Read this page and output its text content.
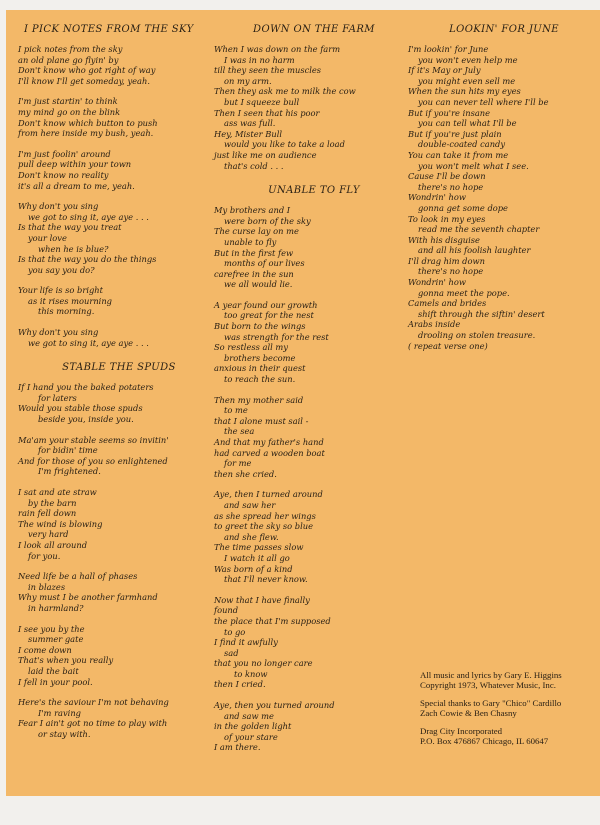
I PICK NOTES FROM THE SKY
I pick notes from the sky
an old plane go flyin' by
Don't know who got right of way
I'll know I'll get someday, yeah.
I'm just startin' to think
my mind go on the blink
Don't know which button to push
from here inside my bush, yeah.
I'm just foolin' around
pull deep within your town
Don't know no reality
it's all a dream to me, yeah.
Why don't you sing
we got to sing it, aye aye . . .
Is that the way you treat
your love
when he is blue?
Is that the way you do the things
you say you do?
Your life is so bright
as it rises mourning
this morning.
Why don't you sing
we got to sing it, aye aye . . .
STABLE THE SPUDS
If I hand you the baked potaters
for laters
Would you stable those spuds
beside you, inside you.
Ma'am your stable seems so invitin'
for bidin' time
And for those of you so enlightened
I'm frightened.
I sat and ate straw
by the barn
rain fell down
The wind is blowing
very hard
I look all around
for you.
Need life be a hall of phases
in blazes
Why must I be another farmhand
in harmland?
I see you by the
summer gate
I come down
That's when you really
laid the bait
I fell in your pool.
Here's the saviour I'm not behaving
I'm raving
Fear I ain't got no time to play with
or stay with.
DOWN ON THE FARM
When I was down on the farm
I was in no harm
till they seen the muscles
on my arm.
Then they ask me to milk the cow
but I squeeze bull
Then I seen that his poor
ass was full.
Hey, Mister Bull
would you like to take a load
just like me on audience
that's cold . . .
UNABLE TO FLY
My brothers and I
were born of the sky
The curse lay on me
unable to fly
But in the first few
months of our lives
carefree in the sun
we all would lie.
A year found our growth
too great for the nest
But born to the wings
was strength for the rest
So restless all my
brothers become
anxious in their quest
to reach the sun.
Then my mother said
to me
that I alone must sail -
the sea
And that my father's hand
had carved a wooden boat
for me
then she cried.
Aye, then I turned around
and saw her
as she spread her wings
to greet the sky so blue
and she flew.
The time passes slow
I watch it all go
Was born of a kind
that I'll never know.
Now that I have finally
found
the place that I'm supposed
to go
I find it awfully
sad
that you no longer care
to know
then I cried.
Aye, then you turned around
and saw me
in the golden light
of your stare
I am there.
LOOKIN' FOR JUNE
I'm lookin' for June
you won't even help me
If it's May or July
you might even sell me
When the sun hits my eyes
you can never tell where I'll be
But if you're insane
you can tell what I'll be
But if you're just plain
double-coated candy
You can take it from me
you won't melt what I see.
Cause I'll be down
there's no hope
Wondrin' how
gonna get some dope
To look in my eyes
read me the seventh chapter
With his disguise
and all his foolish laughter
I'll drag him down
there's no hope
Wondrin' how
gonna meet the pope.
Camels and brides
shift through the siftin' desert
Arabs inside
drooling on stolen treasure.
( repeat verse one)
All music and lyrics by Gary E. Higgins
Copyright 1973, Whatever Music, Inc.
Special thanks to Gary "Chico" Cardillo
Zach Cowie & Ben Chasny
Drag City Incorporated
P.O. Box 476867 Chicago, IL 60647
